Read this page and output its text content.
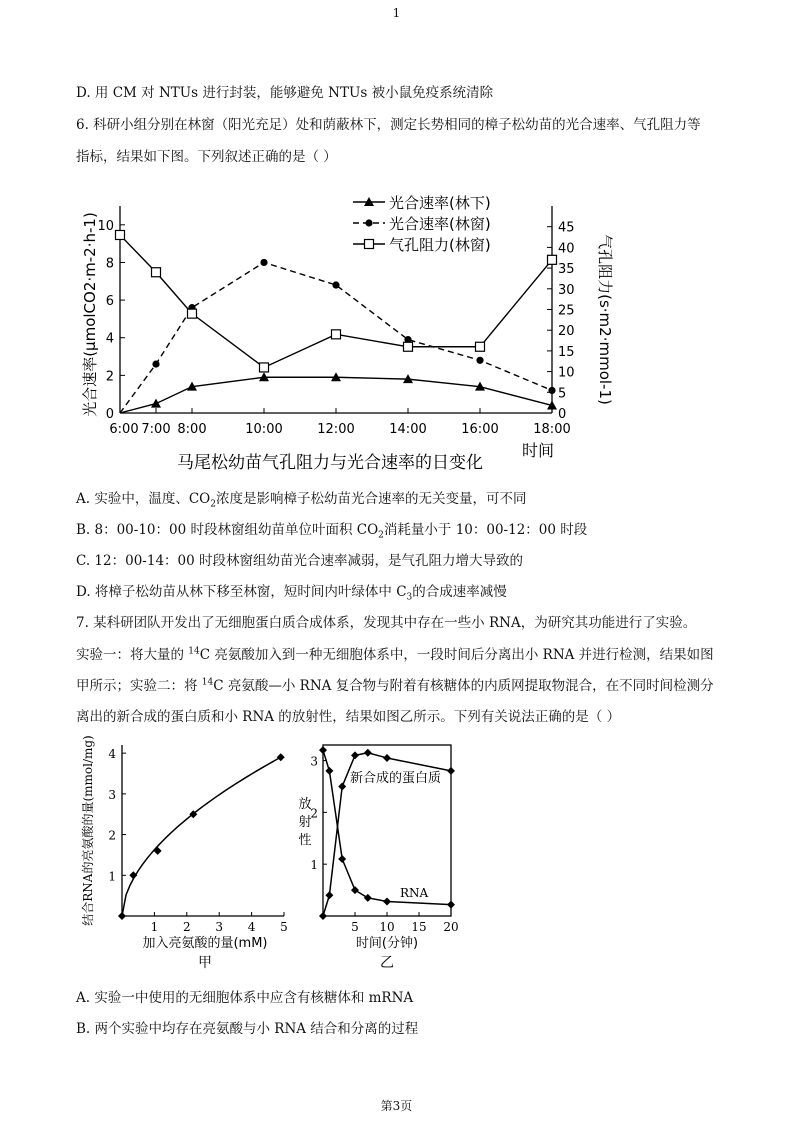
1
D. 用 CM 对 NTUs 进行封装，能够避免 NTUs 被小鼠免疫系统清除
6. 科研小组分别在林窗（阳光充足）处和荫蔽林下，测定长势相同的樟子松幼苗的光合速率、气孔阻力等
指标，结果如下图。下列叙述正确的是（ ）
0
2
4
6
8
10
0
5
10
15
20
25
30
35
40
45
6:00 7:00 8:00	10:00	12:00	14:00	16:00	18:00
时间
光合速率(μmolCO2·m-2·h-1)	气孔阻力(s·m2·mmol-1)
马尾松幼苗气孔阻力与光合速率的日变化
光合速率(林下)
光合速率(林窗)
气孔阻力(林窗)
1
2
3
4
1 2 3 4 5
结合RNA的亮氨酸的量(mmol/mg)
加入亮氨酸的量(mM)
甲
1
2
3
5 10 15 20
放
射
性
时间(分钟)
乙
新合成的蛋白质
RNA
A. 实验中，温度、$CO_2$浓度是影响樟子松幼苗光合速率的无关变量，可不同
B. 8：00-10：00 时段林窗组幼苗单位叶面积 $CO_2$消耗量小于 10：00-12：00 时段
C. 12：00-14：00 时段林窗组幼苗光合速率减弱，是气孔阻力增大导致的
D. 将樟子松幼苗从林下移至林窗，短时间内叶绿体中 $C_3$的合成速率减慢
7. 某科研团队开发出了无细胞蛋白质合成体系，发现其中存在一些小 RNA，为研究其功能进行了实验。
实验一：将大量的 $^{14}$C 亮氨酸加入到一种无细胞体系中，一段时间后分离出小 RNA 并进行检测，结果如图
甲所示；实验二：将 $^{14}$C 亮氨酸—小 RNA 复合物与附着有核糖体的内质网提取物混合，在不同时间检测分
离出的新合成的蛋白质和小 RNA 的放射性，结果如图乙所示。下列有关说法正确的是（ ）
A. 实验一中使用的无细胞体系中应含有核糖体和 mRNA
B. 两个实验中均存在亮氨酸与小 RNA 结合和分离的过程
第3页
